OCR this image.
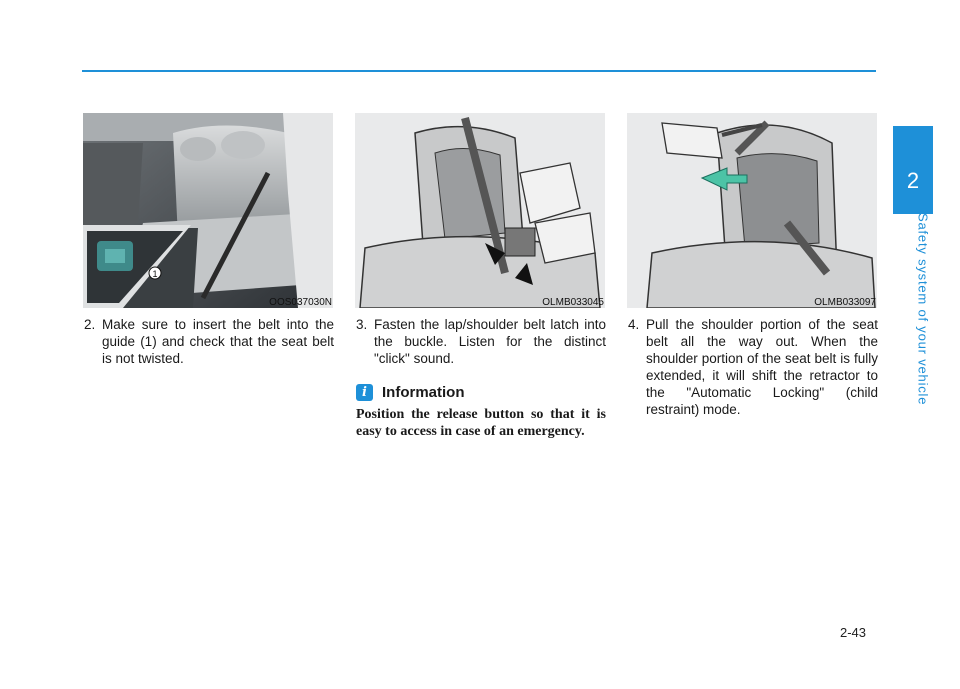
2
Safety system of your vehicle
1
OOS037030N	OLMB033045	OLMB033097
2. Make sure to insert the belt into the guide (1) and check that the seat belt is not twisted.
3. Fasten the lap/shoulder belt latch into the buckle. Listen for the distinct "click" sound.
4. Pull the shoulder portion of the seat belt all the way out. When the shoulder portion of the seat belt is fully extended, it will shift the retractor to the "Automatic Locking" (child restraint) mode.
i	Information
Position the release button so that it is easy to access in case of an emergency.
2-43
